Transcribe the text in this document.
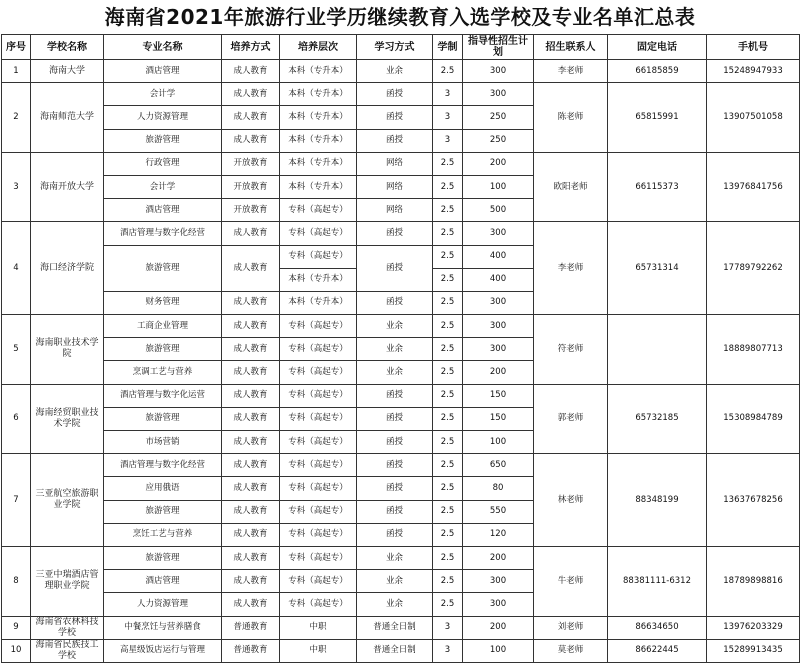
海南省2021年旅游行业学历继续教育入选学校及专业名单汇总表
序号	学校名称	专业名称	培养方式	培养层次	学习方式	学制	指导性招生计划	招生联系人	固定电话	手机号
1	海南大学	酒店管理	成人教育	本科（专升本）	业余	2.5	300	李老师	66185859	15248947933
2	海南师范大学	会计学	成人教育	本科（专升本）	函授	3	300	陈老师	65815991	13907501058
		人力资源管理	成人教育	本科（专升本）	函授	3	250			
		旅游管理	成人教育	本科（专升本）	函授	3	250			
3	海南开放大学	行政管理	开放教育	本科（专升本）	网络	2.5	200	欧阳老师	66115373	13976841756
		会计学	开放教育	本科（专升本）	网络	2.5	100			
		酒店管理	开放教育	专科（高起专）	网络	2.5	500			
4	海口经济学院	酒店管理与数字化经营	成人教育	专科（高起专）	函授	2.5	300	李老师	65731314	17789792262
		旅游管理	成人教育	专科（高起专）	函授	2.5	400			
				本科（专升本）		2.5	400			
		财务管理	成人教育	本科（专升本）	函授	2.5	300			
5	海南职业技术学院	工商企业管理	成人教育	专科（高起专）	业余	2.5	300	符老师		18889807713
		旅游管理	成人教育	专科（高起专）	业余	2.5	300			
		烹调工艺与营养	成人教育	专科（高起专）	业余	2.5	200			
6	海南经贸职业技术学院	酒店管理与数字化运营	成人教育	专科（高起专）	函授	2.5	150	郭老师	65732185	15308984789
		旅游管理	成人教育	专科（高起专）	函授	2.5	150			
		市场营销	成人教育	专科（高起专）	函授	2.5	100			
7	三亚航空旅游职业学院	酒店管理与数字化经营	成人教育	专科（高起专）	函授	2.5	650	林老师	88348199	13637678256
		应用俄语	成人教育	专科（高起专）	函授	2.5	80			
		旅游管理	成人教育	专科（高起专）	函授	2.5	550			
		烹饪工艺与营养	成人教育	专科（高起专）	函授	2.5	120			
8	三亚中瑞酒店管理职业学院	旅游管理	成人教育	专科（高起专）	业余	2.5	200	牛老师	88381111-6312	18789898816
		酒店管理	成人教育	专科（高起专）	业余	2.5	300			
		人力资源管理	成人教育	专科（高起专）	业余	2.5	300			
9	海南省农林科技学校	中餐烹饪与营养膳食	普通教育	中职	普通全日制	3	200	刘老师	86634650	13976203329
10	海南省民族技工学校	高星级饭店运行与管理	普通教育	中职	普通全日制	3	100	莫老师	86622445	15289913435
